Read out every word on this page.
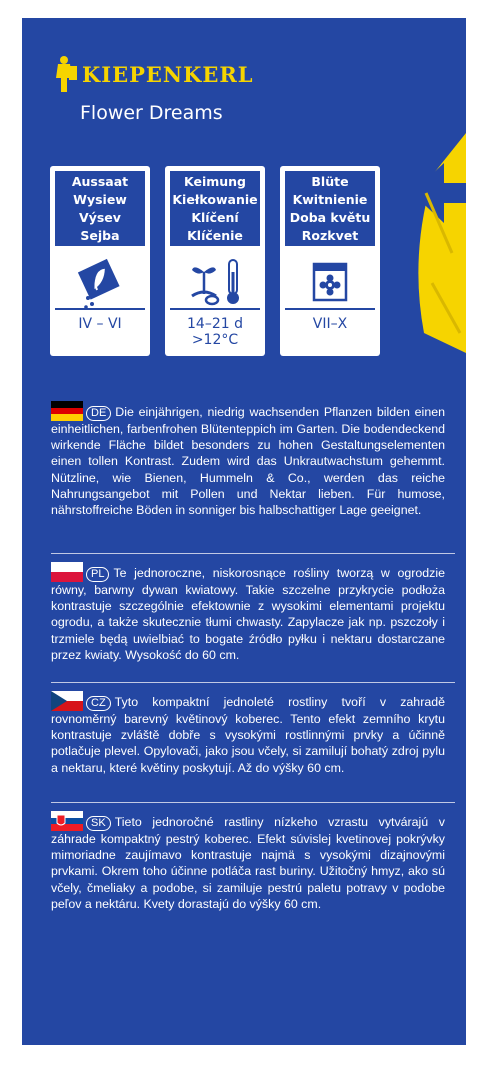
KIEPENKERL
Flower Dreams
Aussaat
Wysiew
Výsev
Sejba
IV – VI
Keimung
Kiełkowanie
Klíčení
Klíčenie
14–21 d
>12°C
Blüte
Kwitnienie
Doba květu
Rozkvet
VII–X
DE Die einjährigen, niedrig wachsenden Pflanzen bilden einen einheitlichen, farbenfrohen Blütenteppich im Garten. Die bodendeckend wirkende Fläche bildet besonders zu hohen Gestaltungselementen einen tollen Kontrast. Zudem wird das Unkrautwachstum gehemmt. Nützline, wie Bienen, Hummeln & Co., werden das reiche Nahrungsangebot mit Pollen und Nektar lieben. Für humose, nährstoffreiche Böden in sonniger bis halbschattiger Lage geeignet.
PL Te jednoroczne, niskorosnące rośliny tworzą w ogrodzie równy, barwny dywan kwiatowy. Takie szczelne przykrycie podłoża kontrastuje szczególnie efektownie z wysokimi elementami projektu ogrodu, a także skutecznie tłumi chwasty. Zapylacze jak np. pszczoły i trzmiele będą uwielbiać to bogate źródło pyłku i nektaru dostarczane przez kwiaty. Wysokość do 60 cm.
CZ Tyto kompaktní jednoleté rostliny tvoří v zahradě rovnoměrný barevný květinový koberec. Tento efekt zemního krytu kontrastuje zvláště dobře s vysokými rostlinnými prvky a účinně potlačuje plevel. Opylovači, jako jsou včely, si zamilují bohatý zdroj pylu a nektaru, které květiny poskytují. Až do výšky 60 cm.
SK Tieto jednoročné rastliny nízkeho vzrastu vytvárajú v záhrade kompaktný pestrý koberec. Efekt súvislej kvetinovej pokrývky mimoriadne zaujímavo kontrastuje najmä s vysokými dizajnovými prvkami. Okrem toho účinne potláča rast buriny. Užitočný hmyz, ako sú včely, čmeliaky a podobe, si zamiluje pestrú paletu potravy v podobe peľov a nektáru. Kvety dorastajú do výšky 60 cm.
